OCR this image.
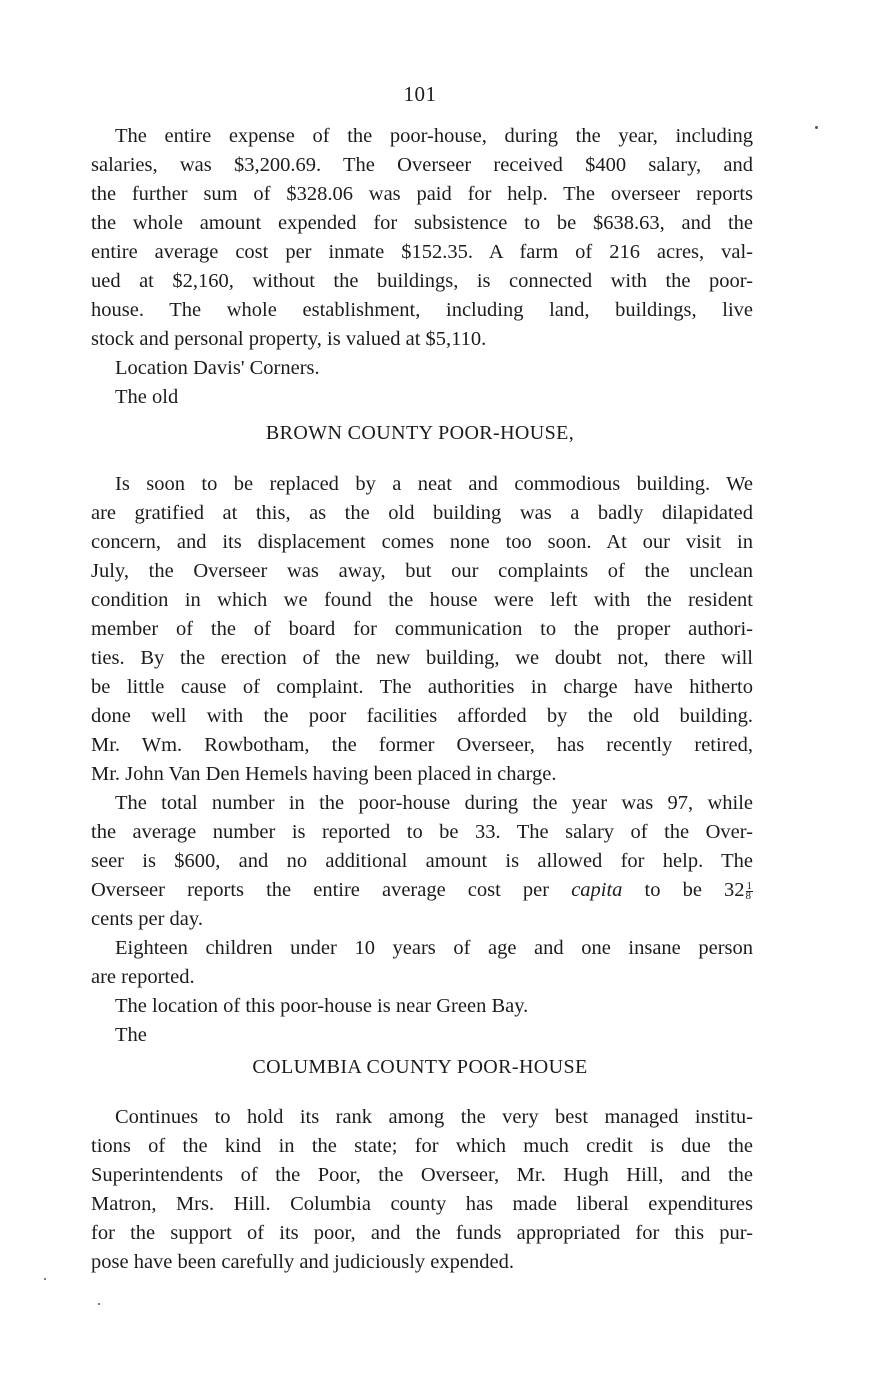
101
The entire expense of the poor-house, during the year, including
salaries, was $3,200.69. The Overseer received $400 salary, and
the further sum of $328.06 was paid for help. The overseer reports
the whole amount expended for subsistence to be $638.63, and the
entire average cost per inmate $152.35. A farm of 216 acres, val-
ued at $2,160, without the buildings, is connected with the poor-
house. The whole establishment, including land, buildings, live
stock and personal property, is valued at $5,110.
Location Davis' Corners.
The old
BROWN COUNTY POOR-HOUSE,
Is soon to be replaced by a neat and commodious building. We
are gratified at this, as the old building was a badly dilapidated
concern, and its displacement comes none too soon. At our visit in
July, the Overseer was away, but our complaints of the unclean
condition in which we found the house were left with the resident
member of the of board for communication to the proper authori-
ties. By the erection of the new building, we doubt not, there will
be little cause of complaint. The authorities in charge have hitherto
done well with the poor facilities afforded by the old building.
Mr. Wm. Rowbotham, the former Overseer, has recently retired,
Mr. John Van Den Hemels having been placed in charge.
The total number in the poor-house during the year was 97, while
the average number is reported to be 33. The salary of the Over-
seer is $600, and no additional amount is allowed for help. The
Overseer reports the entire average cost per capita to be $32 \frac{1}{8}$
cents per day.
Eighteen children under 10 years of age and one insane person
are reported.
The location of this poor-house is near Green Bay.
The
COLUMBIA COUNTY POOR-HOUSE
Continues to hold its rank among the very best managed institu-
tions of the kind in the state; for which much credit is due the
Superintendents of the Poor, the Overseer, Mr. Hugh Hill, and the
Matron, Mrs. Hill. Columbia county has made liberal expenditures
for the support of its poor, and the funds appropriated for this pur-
pose have been carefully and judiciously expended.
